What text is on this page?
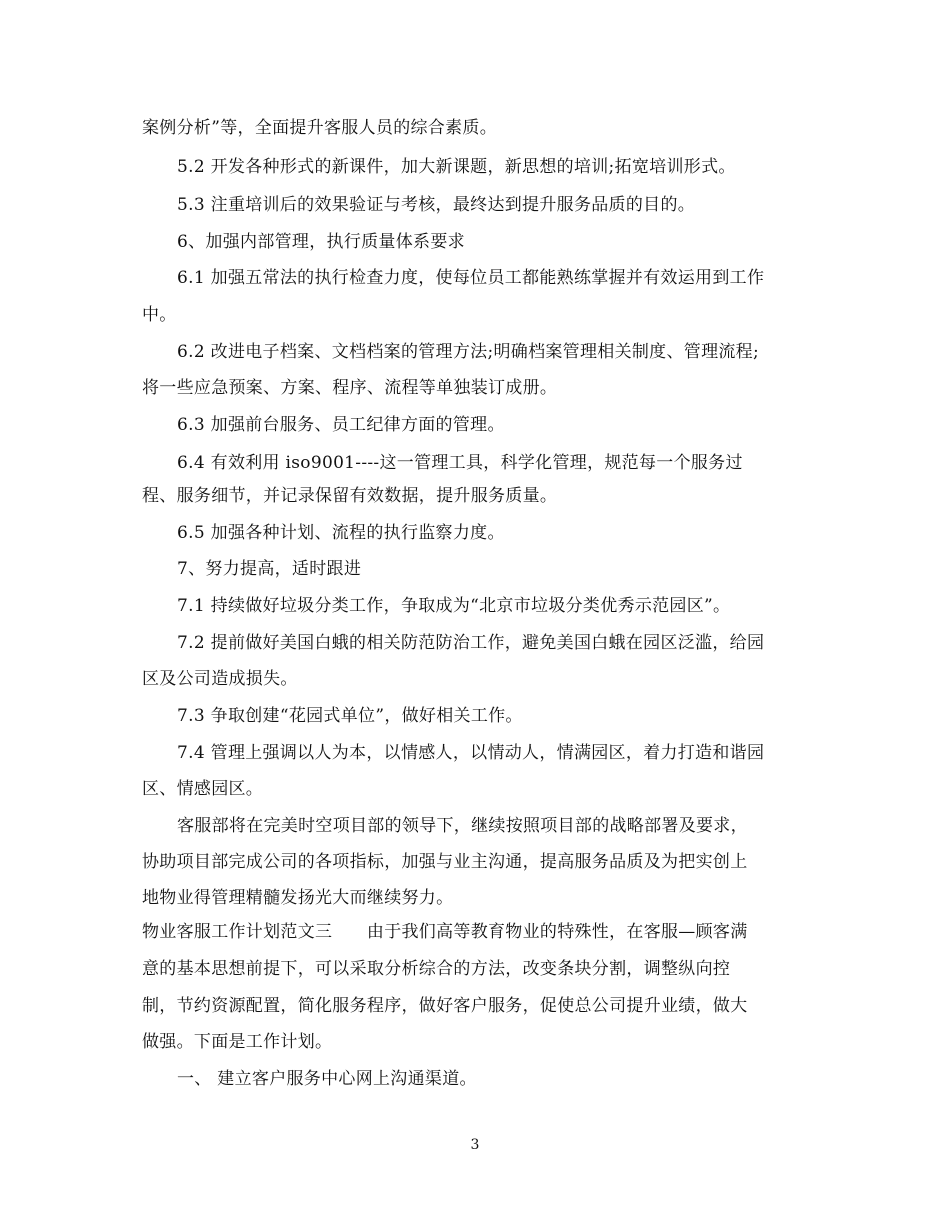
案例分析”等，全面提升客服人员的综合素质。
5.2 开发各种形式的新课件，加大新课题，新思想的培训;拓宽培训形式。
5.3 注重培训后的效果验证与考核，最终达到提升服务品质的目的。
6、加强内部管理，执行质量体系要求
6.1 加强五常法的执行检查力度，使每位员工都能熟练掌握并有效运用到工作
中。
6.2 改进电子档案、文档档案的管理方法;明确档案管理相关制度、管理流程;
将一些应急预案、方案、程序、流程等单独装订成册。
6.3 加强前台服务、员工纪律方面的管理。
6.4 有效利用 iso9001----这一管理工具，科学化管理，规范每一个服务过
程、服务细节，并记录保留有效数据，提升服务质量。
6.5 加强各种计划、流程的执行监察力度。
7、努力提高，适时跟进
7.1 持续做好垃圾分类工作，争取成为“北京市垃圾分类优秀示范园区”。
7.2 提前做好美国白蛾的相关防范防治工作，避免美国白蛾在园区泛滥，给园
区及公司造成损失。
7.3 争取创建“花园式单位”，做好相关工作。
7.4 管理上强调以人为本，以情感人，以情动人，情满园区，着力打造和谐园
区、情感园区。
客服部将在完美时空项目部的领导下，继续按照项目部的战略部署及要求，
协助项目部完成公司的各项指标，加强与业主沟通，提高服务品质及为把实创上
地物业得管理精髓发扬光大而继续努力。
物业客服工作计划范文三　　由于我们高等教育物业的特殊性，在客服—顾客满
意的基本思想前提下，可以采取分析综合的方法，改变条块分割，调整纵向控
制，节约资源配置，简化服务程序，做好客户服务，促使总公司提升业绩，做大
做强。下面是工作计划。
一、 建立客户服务中心网上沟通渠道。
3
